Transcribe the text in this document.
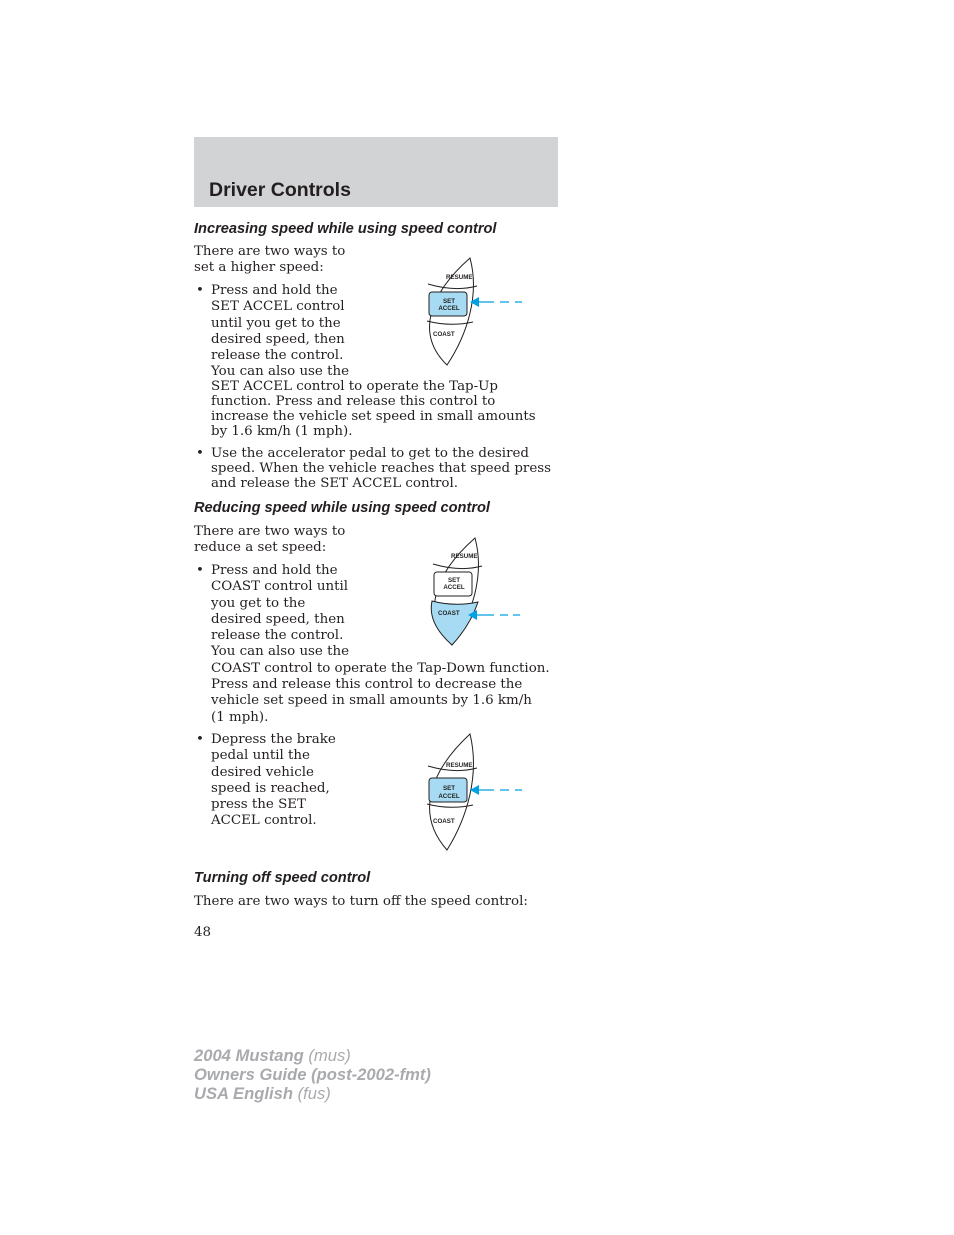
Driver Controls
Increasing speed while using speed control

There are two ways to set a higher speed:

• Press and hold the
SET ACCEL control
until you get to the
desired speed, then
release the control.
You can also use the
SET ACCEL control to operate the Tap-Up
function. Press and release this control to
increase the vehicle set speed in small amounts
by 1.6 km/h (1 mph).
• Use the accelerator pedal to get to the desired speed. When the vehicle reaches that speed press and release the SET ACCEL control.

RESUME
SET
ACCEL
COAST
Reducing speed while using speed control

There are two ways to reduce a set speed:

• Press and hold the
COAST control until
you get to the
desired speed, then
release the control.
You can also use the
COAST control to operate the Tap-Down function.
Press and release this control to decrease the
vehicle set speed in small amounts by 1.6 km/h
(1 mph).
• Depress the brake
pedal until the
desired vehicle
speed is reached,
press the SET
ACCEL control.
RESUME
SET
ACCEL
COAST
RESUME
SET
ACCEL
COAST
Turning off speed control

There are two ways to turn off the speed control:

48

2004 Mustang (mus)
Owners Guide (post-2002-fmt)
USA English (fus)
